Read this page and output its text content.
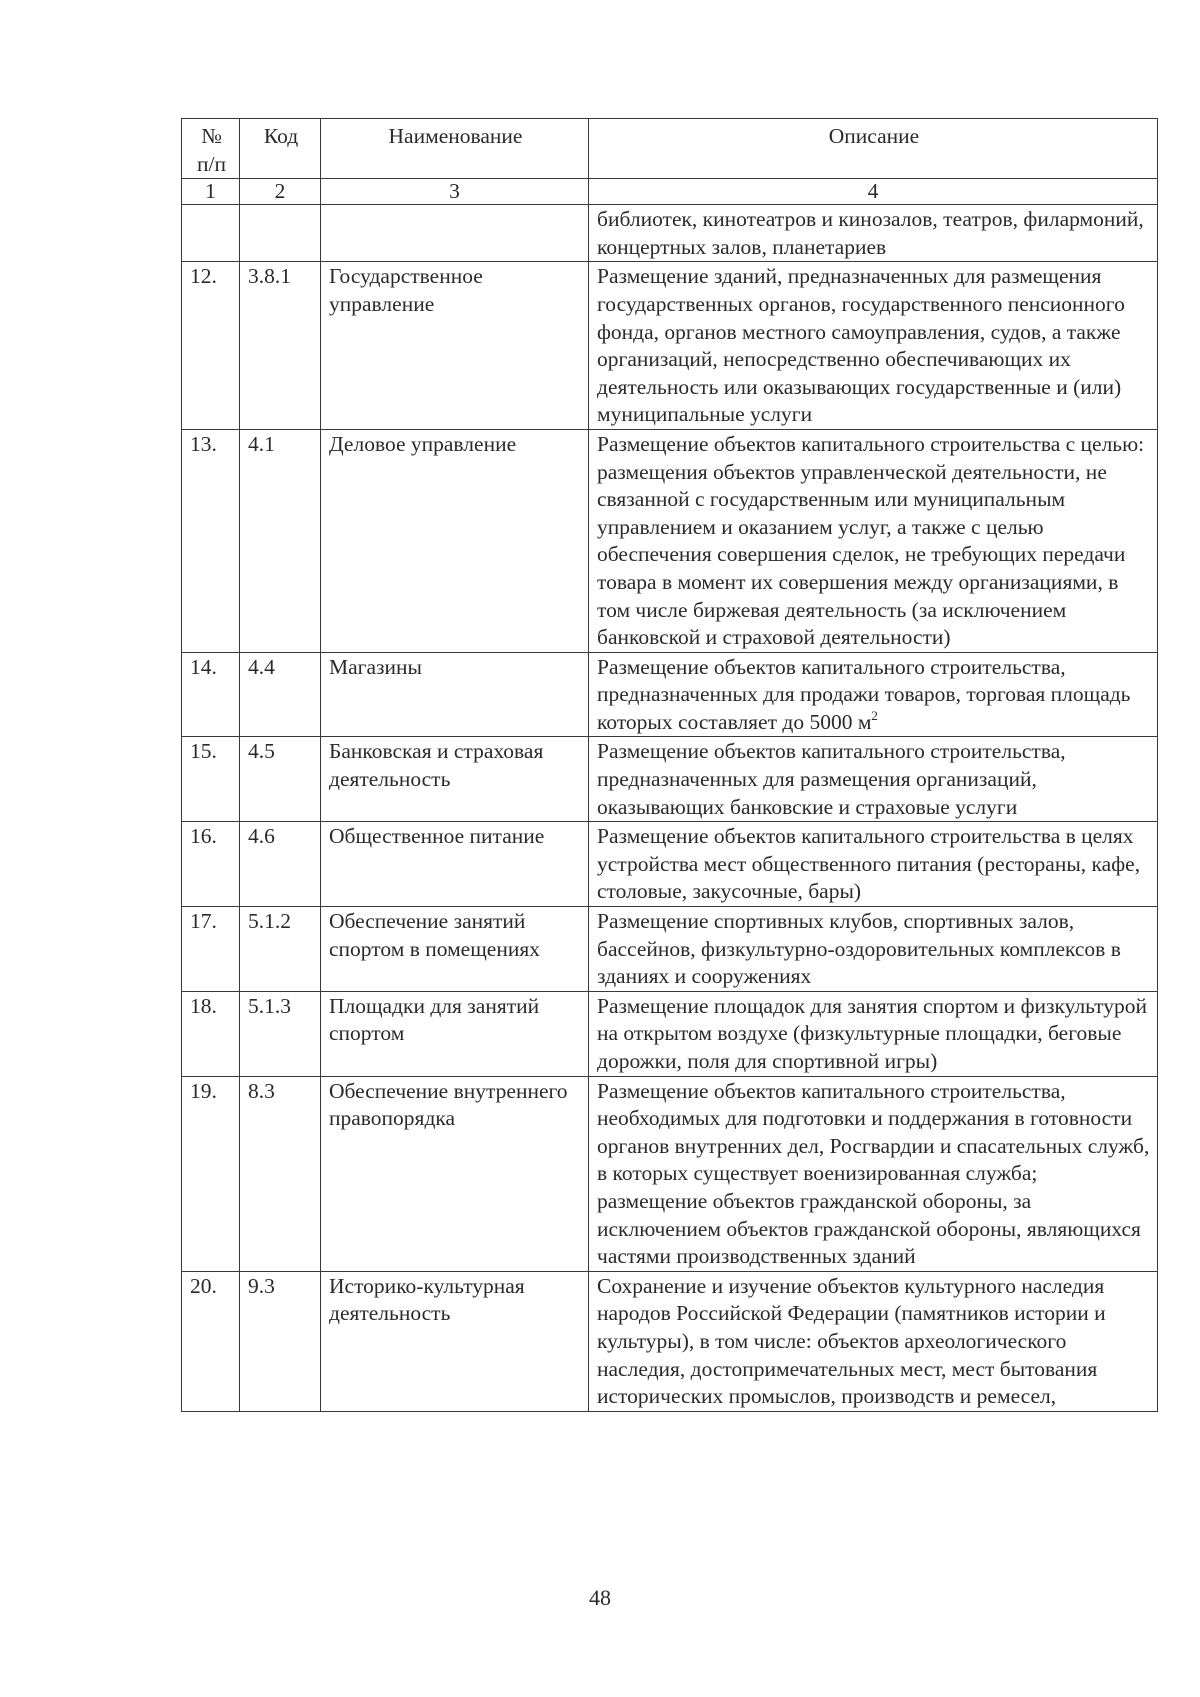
№ п/п	Код	Наименование	Описание
1	2	3	4
			библиотек, кинотеатров и кинозалов, театров, филармоний, концертных залов, планетариев
12.	3.8.1	Государственное управление	Размещение зданий, предназначенных для размещения государственных органов, государственного пенсионного фонда, органов местного самоуправления, судов, а также организаций, непосредственно обеспечивающих их деятельность или оказывающих государственные и (или) муниципальные услуги
13.	4.1	Деловое управление	Размещение объектов капитального строительства с целью: размещения объектов управленческой деятельности, не связанной с государственным или муниципальным управлением и оказанием услуг, а также с целью обеспечения совершения сделок, не требующих передачи товара в момент их совершения между организациями, в том числе биржевая деятельность (за исключением банковской и страховой деятельности)
14.	4.4	Магазины	Размещение объектов капитального строительства, предназначенных для продажи товаров, торговая площадь которых составляет до 5000 $м^2$
15.	4.5	Банковская и страховая деятельность	Размещение объектов капитального строительства, предназначенных для размещения организаций, оказывающих банковские и страховые услуги
16.	4.6	Общественное питание	Размещение объектов капитального строительства в целях устройства мест общественного питания (рестораны, кафе, столовые, закусочные, бары)
17.	5.1.2	Обеспечение занятий спортом в помещениях	Размещение спортивных клубов, спортивных залов, бассейнов, физкультурно-оздоровительных комплексов в зданиях и сооружениях
18.	5.1.3	Площадки для занятий спортом	Размещение площадок для занятия спортом и физкультурой на открытом воздухе (физкультурные площадки, беговые дорожки, поля для спортивной игры)
19.	8.3	Обеспечение внутреннего правопорядка	Размещение объектов капитального строительства, необходимых для подготовки и поддержания в готовности органов внутренних дел, Росгвардии и спасательных служб, в которых существует военизированная служба; размещение объектов гражданской обороны, за исключением объектов гражданской обороны, являющихся частями производственных зданий
20.	9.3	Историко-культурная деятельность	Сохранение и изучение объектов культурного наследия народов Российской Федерации (памятников истории и культуры), в том числе: объектов археологического наследия, достопримечательных мест, мест бытования исторических промыслов, производств и ремесел,
48
